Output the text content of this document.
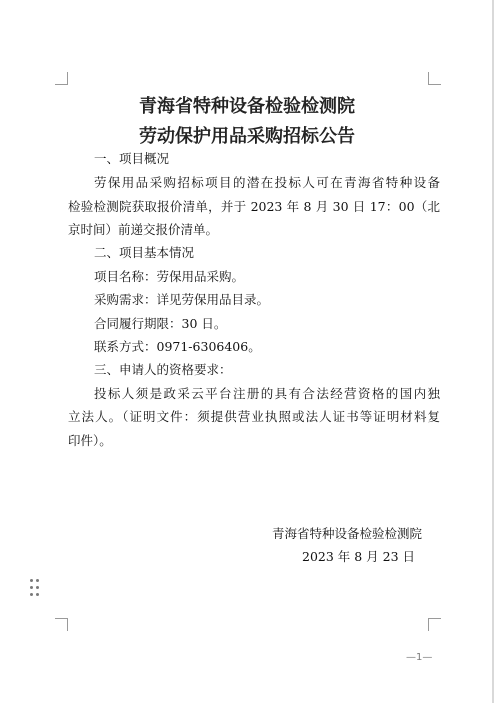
青海省特种设备检验检测院
劳动保护用品采购招标公告
一、项目概况
劳保用品采购招标项目的潜在投标人可在青海省特种设备
检验检测院获取报价清单，并于 2023 年 8 月 30 日 17：00（北
京时间）前递交报价清单。
二、项目基本情况
项目名称：劳保用品采购。
采购需求：详见劳保用品目录。
合同履行期限：30 日。
联系方式：0971-6306406。
三、申请人的资格要求：
投标人须是政采云平台注册的具有合法经营资格的国内独
立法人。（证明文件：须提供营业执照或法人证书等证明材料复
印件）。
青海省特种设备检验检测院
2023 年 8 月 23 日
—1—
